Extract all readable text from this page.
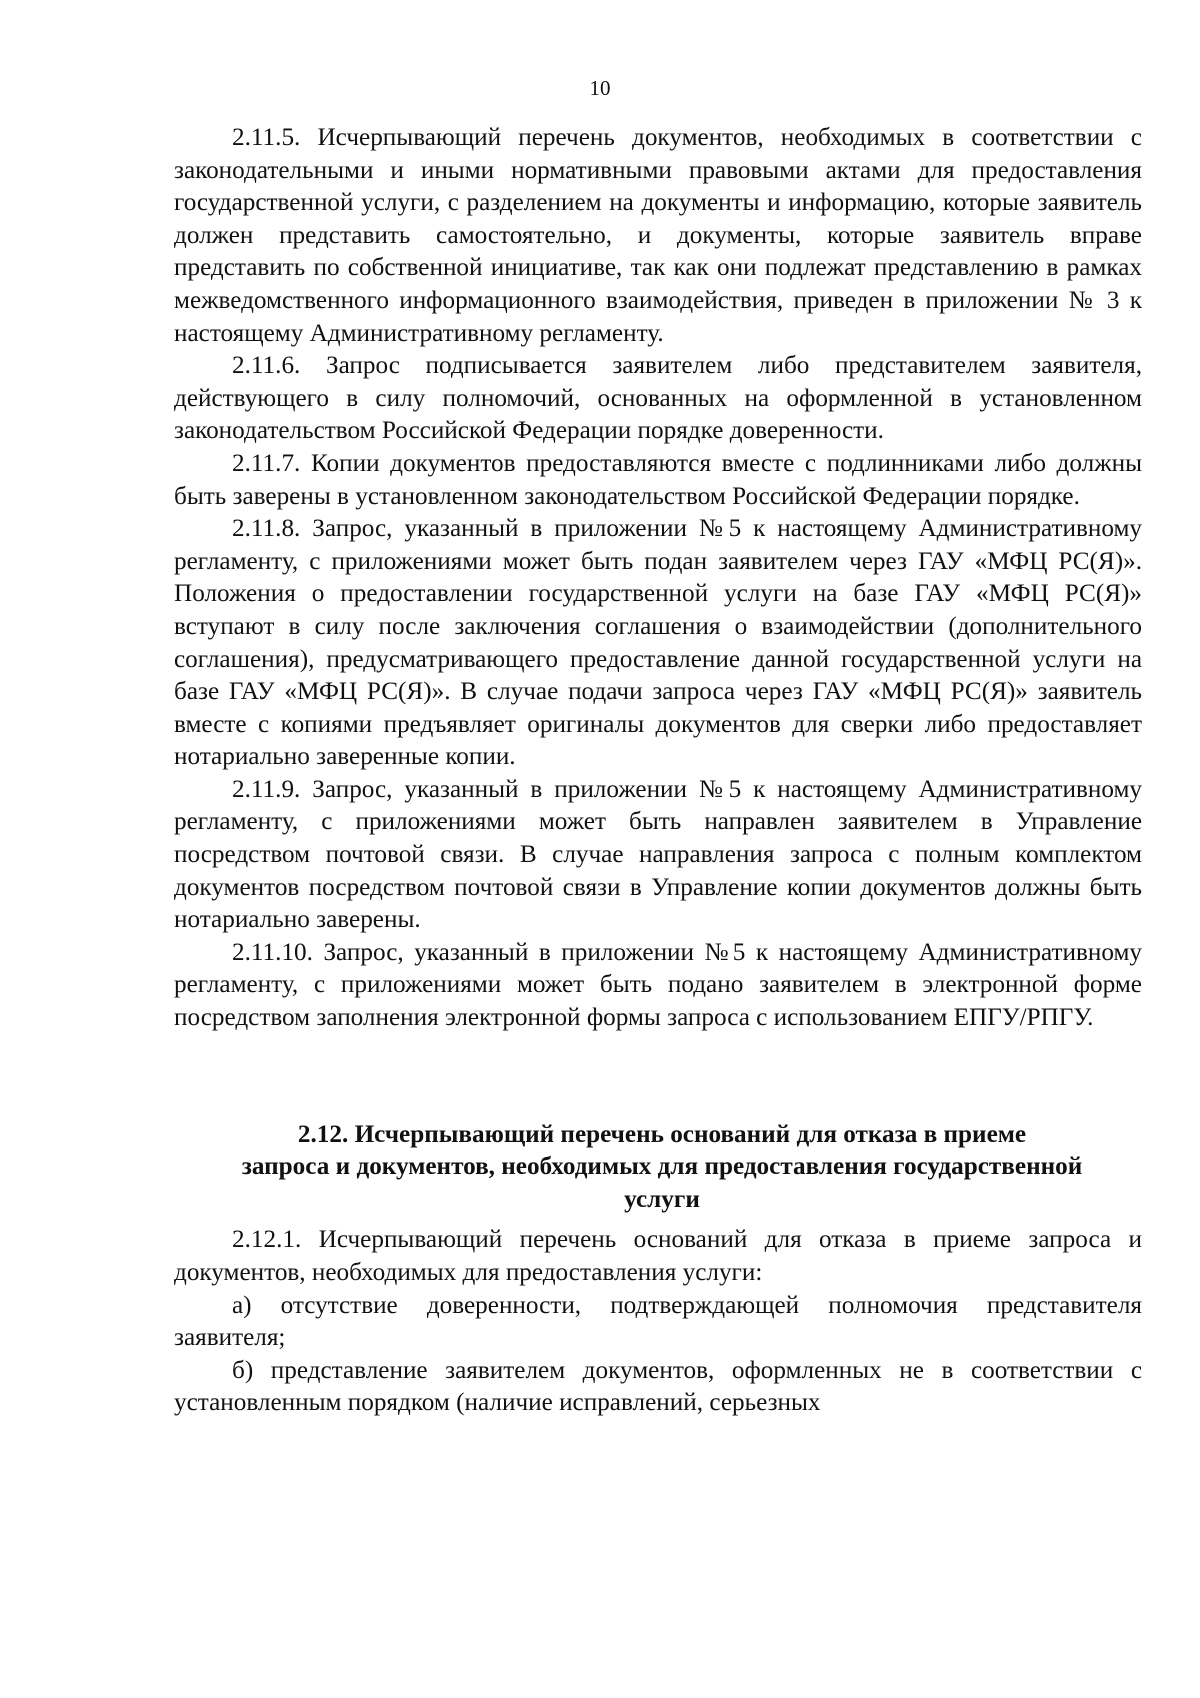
10

2.11.5. Исчерпывающий перечень документов, необходимых в соответствии с законодательными и иными нормативными правовыми актами для предоставления государственной услуги, с разделением на документы и информацию, которые заявитель должен представить самостоятельно, и документы, которые заявитель вправе представить по собственной инициативе, так как они подлежат представлению в рамках межведомственного информационного взаимодействия, приведен в приложении № 3 к настоящему Административному регламенту.

2.11.6. Запрос подписывается заявителем либо представителем заявителя, действующего в силу полномочий, основанных на оформленной в установленном законодательством Российской Федерации порядке доверенности.

2.11.7. Копии документов предоставляются вместе с подлинниками либо должны быть заверены в установленном законодательством Российской Федерации порядке.

2.11.8. Запрос, указанный в приложении №5 к настоящему Административному регламенту, с приложениями может быть подан заявителем через ГАУ «МФЦ РС(Я)». Положения о предоставлении государственной услуги на базе ГАУ «МФЦ РС(Я)» вступают в силу после заключения соглашения о взаимодействии (дополнительного соглашения), предусматривающего предоставление данной государственной услуги на базе ГАУ «МФЦ РС(Я)». В случае подачи запроса через ГАУ «МФЦ РС(Я)» заявитель вместе с копиями предъявляет оригиналы документов для сверки либо предоставляет нотариально заверенные копии.

2.11.9. Запрос, указанный в приложении №5 к настоящему Административному регламенту, с приложениями может быть направлен заявителем в Управление посредством почтовой связи. В случае направления запроса с полным комплектом документов посредством почтовой связи в Управление копии документов должны быть нотариально заверены.

2.11.10. Запрос, указанный в приложении №5 к настоящему Административному регламенту, с приложениями может быть подано заявителем в электронной форме посредством заполнения электронной формы запроса с использованием ЕПГУ/РПГУ.

2.12. Исчерпывающий перечень оснований для отказа в приеме
запроса и документов, необходимых для предоставления государственной
услуги

2.12.1. Исчерпывающий перечень оснований для отказа в приеме запроса и документов, необходимых для предоставления услуги:

а) отсутствие доверенности, подтверждающей полномочия представителя заявителя;

б) представление заявителем документов, оформленных не в соответствии с установленным порядком (наличие исправлений, серьезных
